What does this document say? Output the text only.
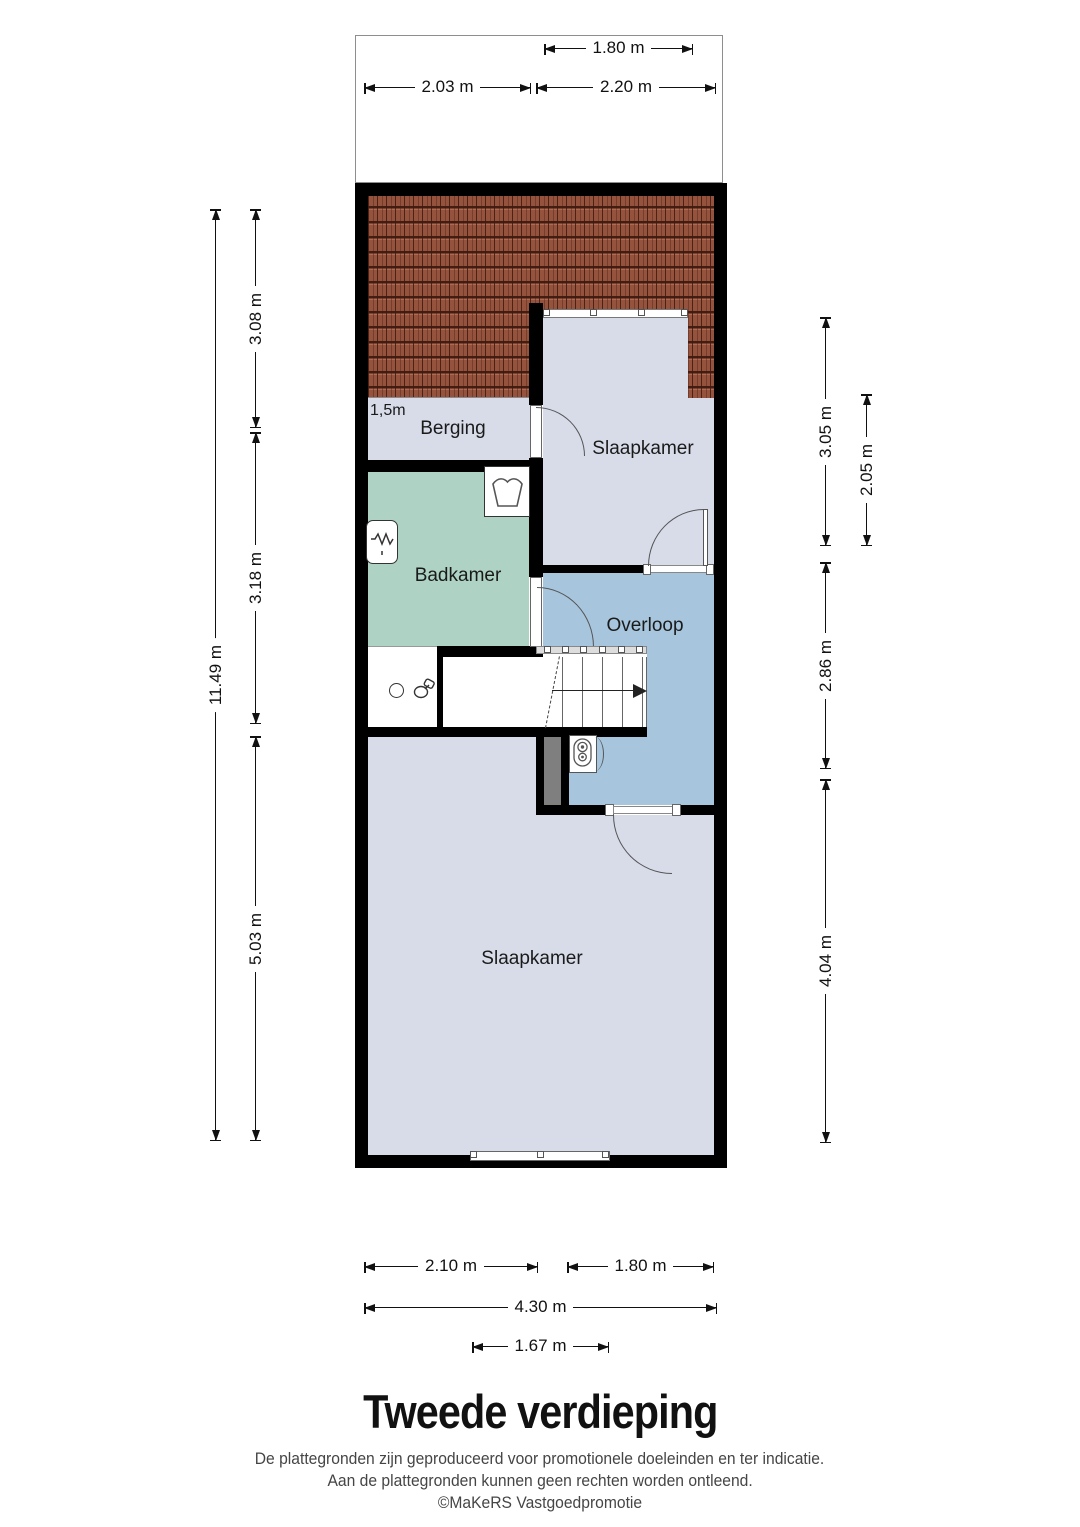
1.80 m
2.03 m	2.20 m
1,5m
Berging
Slaapkamer
Badkamer
Overloop
Slaapkamer
11.49 m
3.08 m
3.18 m
5.03 m
3.05 m
2.05 m
2.86 m
4.04 m
2.10 m	1.80 m
4.30 m
1.67 m
Tweede verdieping
De plattegronden zijn geproduceerd voor promotionele doeleinden en ter indicatie.
Aan de plattegronden kunnen geen rechten worden ontleend.
©MaKeRS Vastgoedpromotie
